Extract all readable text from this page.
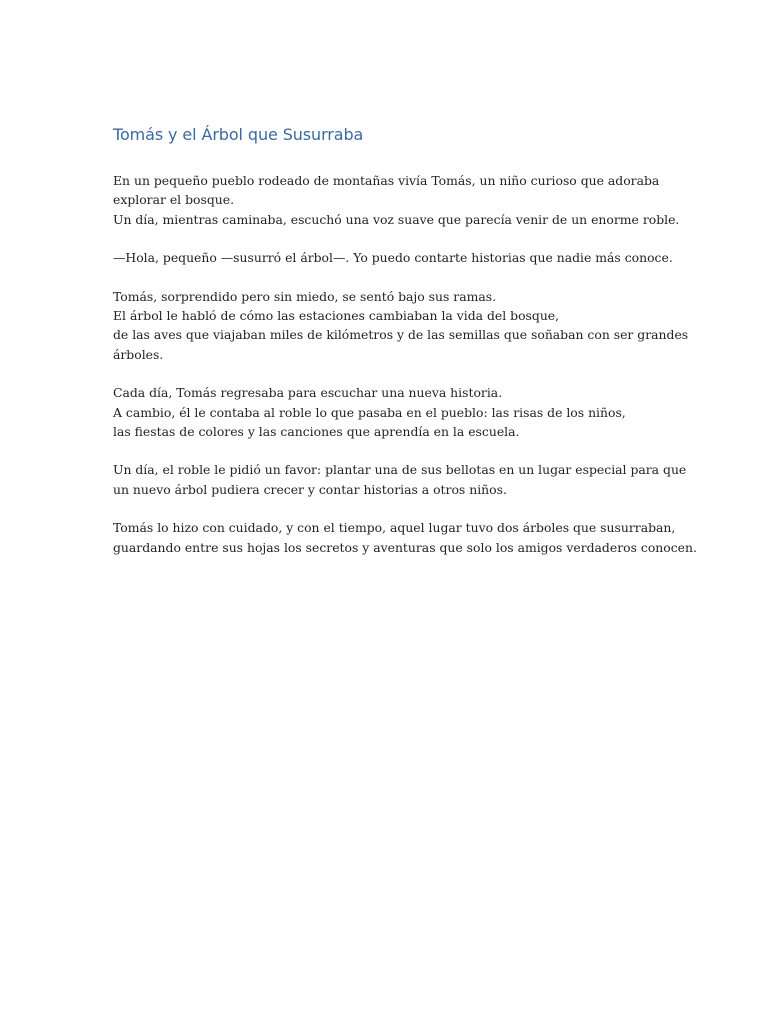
Tomás y el Árbol que Susurraba

En un pequeño pueblo rodeado de montañas vivía Tomás, un niño curioso que adoraba
explorar el bosque.
Un día, mientras caminaba, escuchó una voz suave que parecía venir de un enorme roble.

—Hola, pequeño —susurró el árbol—. Yo puedo contarte historias que nadie más conoce.

Tomás, sorprendido pero sin miedo, se sentó bajo sus ramas.
El árbol le habló de cómo las estaciones cambiaban la vida del bosque,
de las aves que viajaban miles de kilómetros y de las semillas que soñaban con ser grandes
árboles.

Cada día, Tomás regresaba para escuchar una nueva historia.
A cambio, él le contaba al roble lo que pasaba en el pueblo: las risas de los niños,
las fiestas de colores y las canciones que aprendía en la escuela.

Un día, el roble le pidió un favor: plantar una de sus bellotas en un lugar especial para que
un nuevo árbol pudiera crecer y contar historias a otros niños.

Tomás lo hizo con cuidado, y con el tiempo, aquel lugar tuvo dos árboles que susurraban,
guardando entre sus hojas los secretos y aventuras que solo los amigos verdaderos conocen.
